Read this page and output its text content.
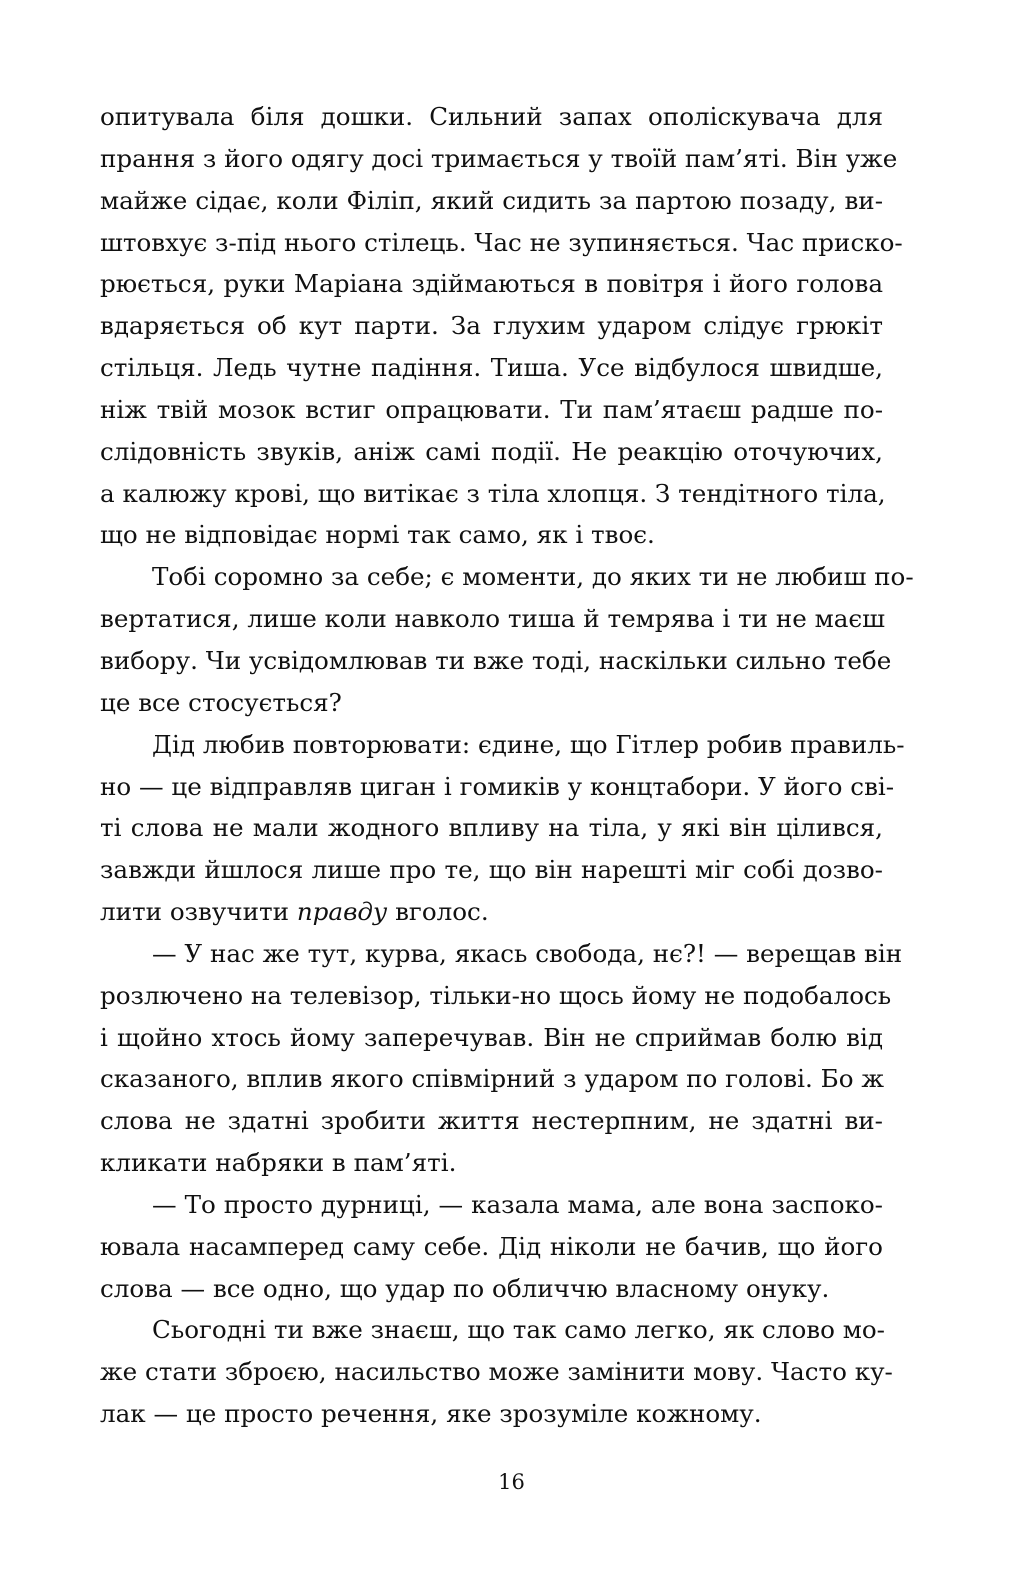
опитувала біля дошки. Сильний запах ополіскувача для
прання з його одягу досі тримається у твоїй пам’яті. Він уже
майже сідає, коли Філіп, який сидить за партою позаду, ви-
штовхує з-під нього стілець. Час не зупиняється. Час приско-
рюється, руки Маріана здіймаються в повітря і його голова
вдаряється об кут парти. За глухим ударом слідує грюкіт
стільця. Ледь чутне падіння. Тиша. Усе відбулося швидше,
ніж твій мозок встиг опрацювати. Ти пам’ятаєш радше по-
слідовність звуків, аніж самі події. Не реакцію оточуючих,
а калюжу крові, що витікає з тіла хлопця. З тендітного тіла,
що не відповідає нормі так само, як і твоє.
Тобі соромно за себе; є моменти, до яких ти не любиш по-
вертатися, лише коли навколо тиша й темрява і ти не маєш
вибору. Чи усвідомлював ти вже тоді, наскільки сильно тебе
це все стосується?
Дід любив повторювати: єдине, що Гітлер робив правиль-
но — це відправляв циган і гомиків у концтабори. У його сві-
ті слова не мали жодного впливу на тіла, у які він цілився,
завжди йшлося лише про те, що він нарешті міг собі дозво-
лити озвучити правду вголос.
— У нас же тут, курва, якась свобода, нє?! — верещав він
розлючено на телевізор, тільки-но щось йому не подобалось
і щойно хтось йому заперечував. Він не сприймав болю від
сказаного, вплив якого співмірний з ударом по голові. Бо ж
слова не здатні зробити життя нестерпним, не здатні ви-
кликати набряки в пам’яті.
— То просто дурниці, — казала мама, але вона заспоко-
ювала насамперед саму себе. Дід ніколи не бачив, що його
слова — все одно, що удар по обличчю власному онуку.
Сьогодні ти вже знаєш, що так само легко, як слово мо-
же стати зброєю, насильство може замінити мову. Часто ку-
лак — це просто речення, яке зрозуміле кожному.
16
